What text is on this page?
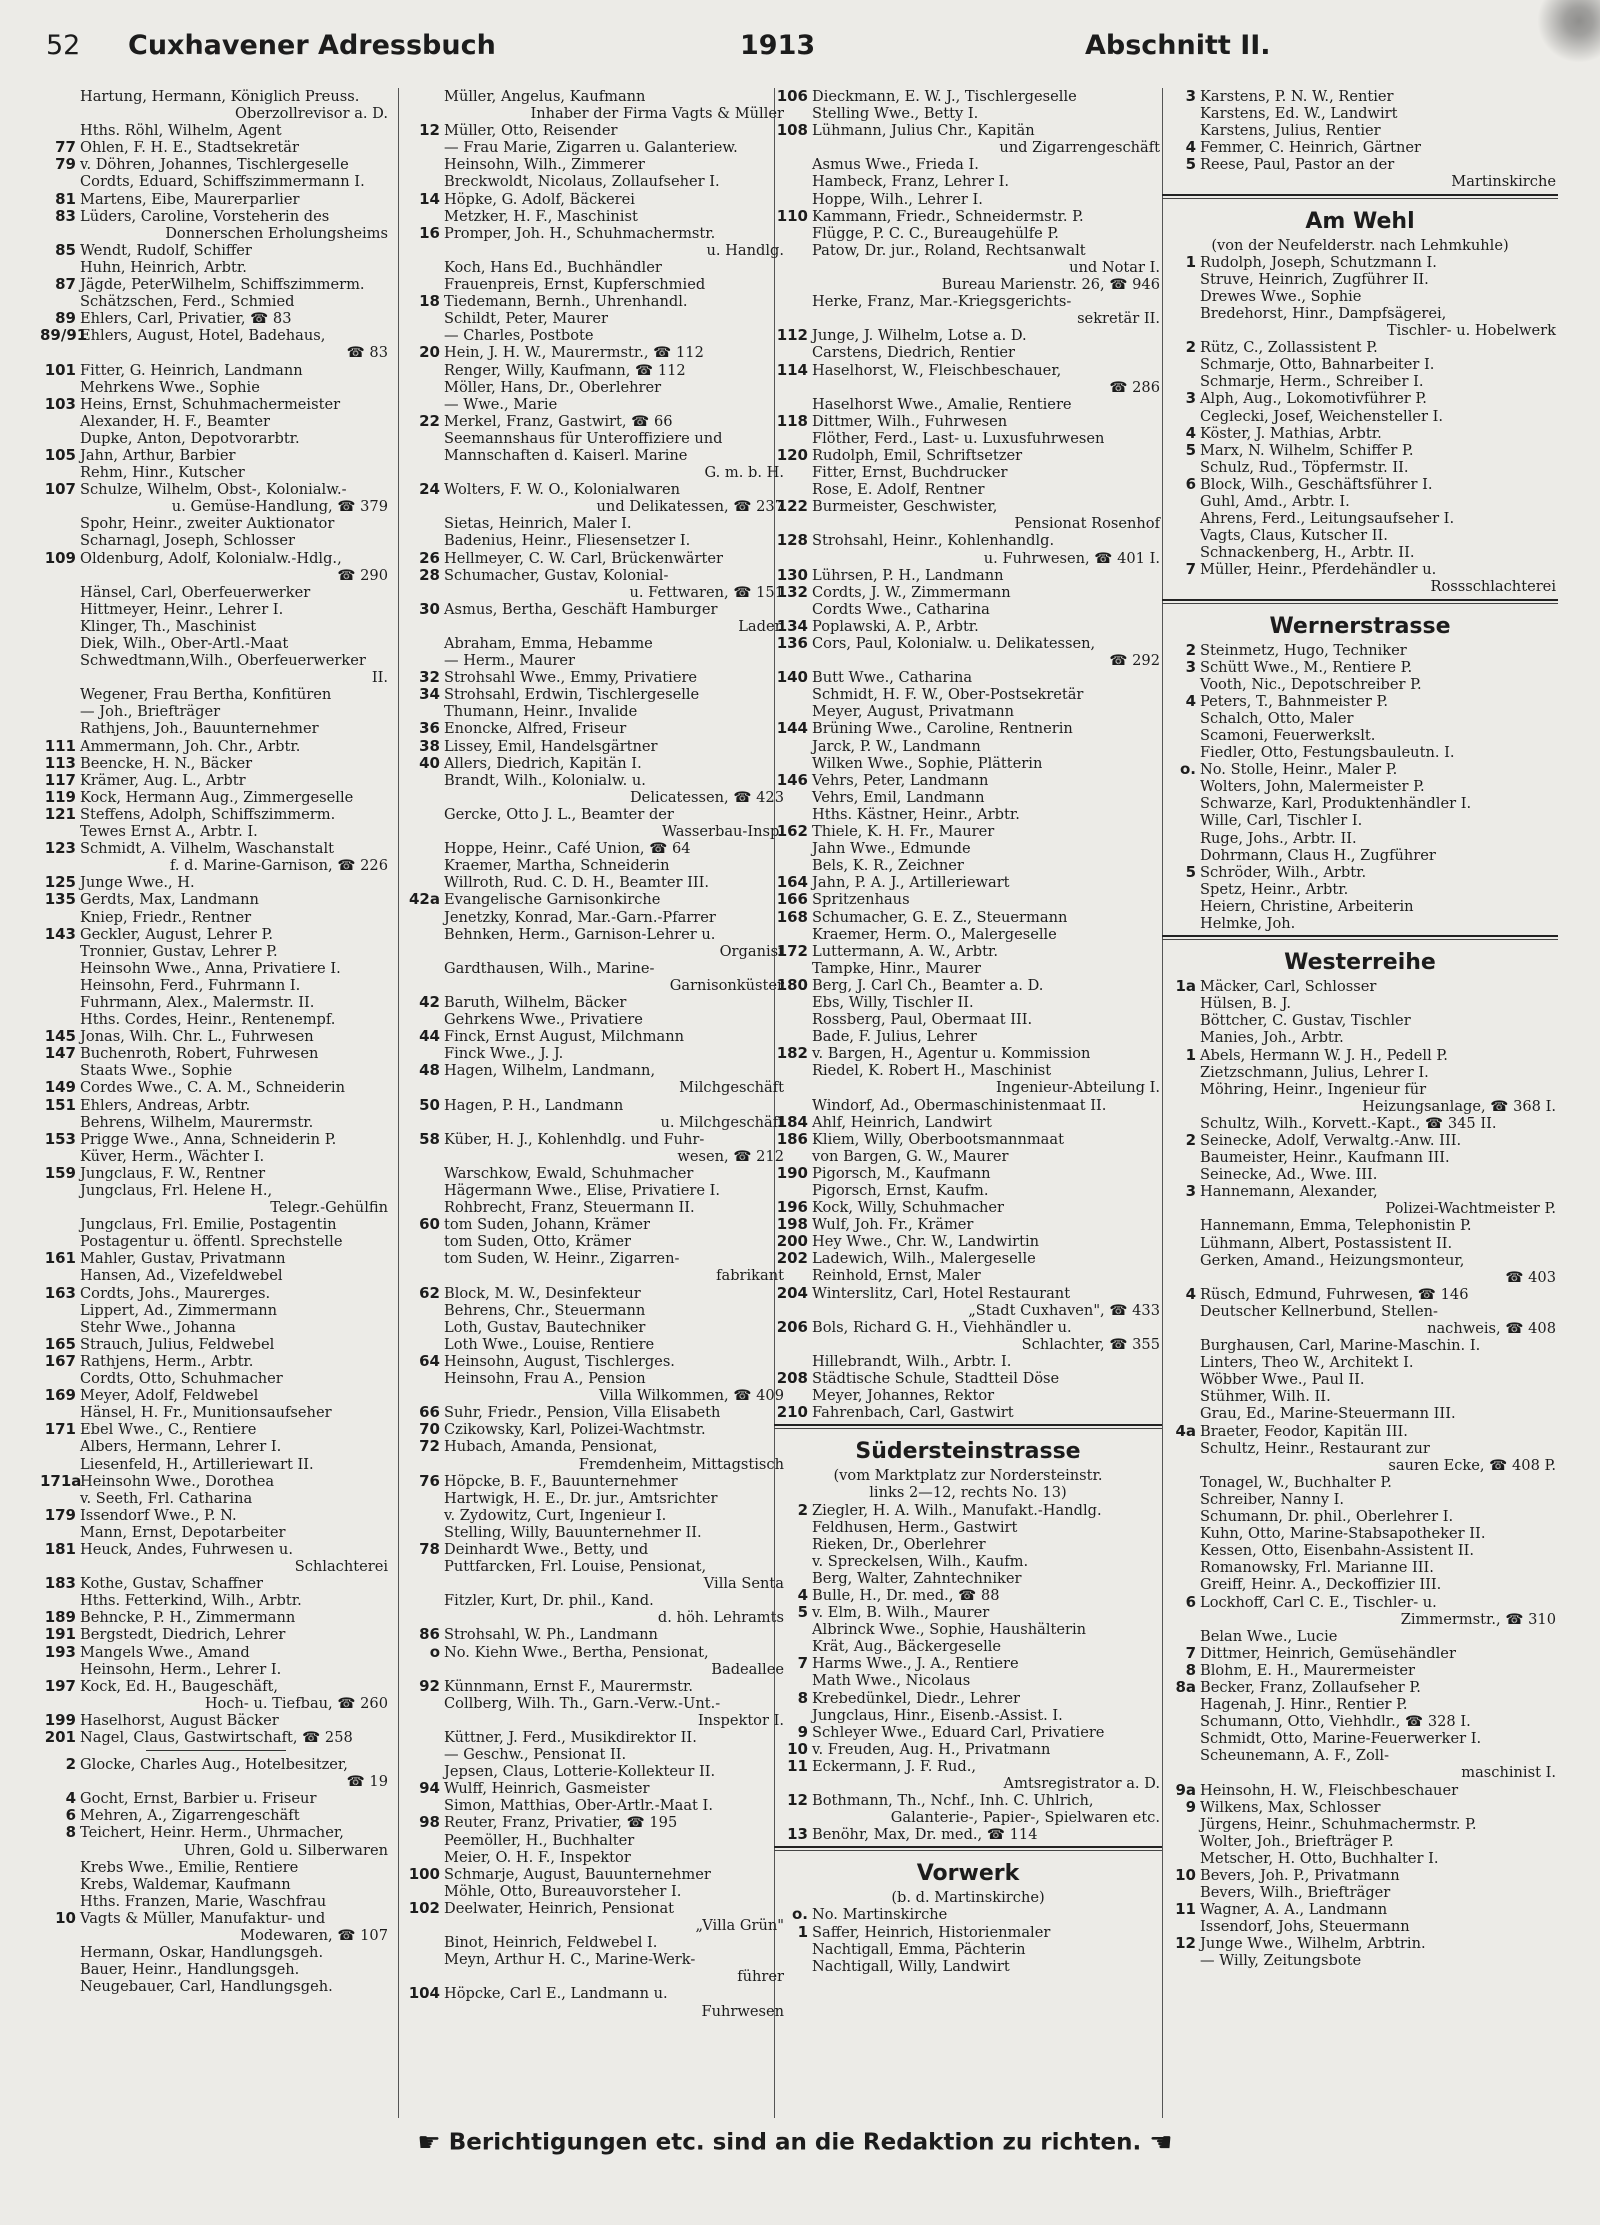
52 Cuxhavener Adressbuch	1913	Abschnitt II.
Hartung, Hermann, Königlich Preuss.
Oberzollrevisor a. D.
Hths. Röhl, Wilhelm, Agent
77 Ohlen, F. H. E., Stadtsekretär
79 v. Döhren, Johannes, Tischlergeselle
Cordts, Eduard, Schiffszimmermann I.
81 Martens, Eibe, Maurerparlier
83 Lüders, Caroline, Vorsteherin des
Donnerschen Erholungsheims
85 Wendt, Rudolf, Schiffer
Huhn, Heinrich, Arbtr.
87 Jägde, PeterWilhelm, Schiffszimmerm.
Schätzschen, Ferd., Schmied
89 Ehlers, Carl, Privatier, ☎ 83
89/91Ehlers, August, Hotel, Badehaus,
☎ 83
101 Fitter, G. Heinrich, Landmann
Mehrkens Wwe., Sophie
103 Heins, Ernst, Schuhmachermeister
Alexander, H. F., Beamter
Dupke, Anton, Depotvorarbtr.
105 Jahn, Arthur, Barbier
Rehm, Hinr., Kutscher
107 Schulze, Wilhelm, Obst-, Kolonialw.-
u. Gemüse-Handlung, ☎ 379
Spohr, Heinr., zweiter Auktionator
Scharnagl, Joseph, Schlosser
109 Oldenburg, Adolf, Kolonialw.-Hdlg.,
☎ 290
Hänsel, Carl, Oberfeuerwerker
Hittmeyer, Heinr., Lehrer I.
Klinger, Th., Maschinist
Diek, Wilh., Ober-Artl.-Maat
Schwedtmann,Wilh., Oberfeuerwerker
II.
Wegener, Frau Bertha, Konfitüren
— Joh., Briefträger
Rathjens, Joh., Bauunternehmer
111 Ammermann, Joh. Chr., Arbtr.
113 Beencke, H. N., Bäcker
117 Krämer, Aug. L., Arbtr
119 Kock, Hermann Aug., Zimmergeselle
121 Steffens, Adolph, Schiffszimmerm.
Tewes Ernst A., Arbtr. I.
123 Schmidt, A. Vilhelm, Waschanstalt
f. d. Marine-Garnison, ☎ 226
125 Junge Wwe., H.
135 Gerdts, Max, Landmann
Kniep, Friedr., Rentner
143 Geckler, August, Lehrer P.
Tronnier, Gustav, Lehrer P.
Heinsohn Wwe., Anna, Privatiere I.
Heinsohn, Ferd., Fuhrmann I.
Fuhrmann, Alex., Malermstr. II.
Hths. Cordes, Heinr., Rentenempf.
145 Jonas, Wilh. Chr. L., Fuhrwesen
147 Buchenroth, Robert, Fuhrwesen
Staats Wwe., Sophie
149 Cordes Wwe., C. A. M., Schneiderin
151 Ehlers, Andreas, Arbtr.
Behrens, Wilhelm, Maurermstr.
153 Prigge Wwe., Anna, Schneiderin P.
Küver, Herm., Wächter I.
159 Jungclaus, F. W., Rentner
Jungclaus, Frl. Helene H.,
Telegr.-Gehülfin
Jungclaus, Frl. Emilie, Postagentin
Postagentur u. öffentl. Sprechstelle
161 Mahler, Gustav, Privatmann
Hansen, Ad., Vizefeldwebel
163 Cordts, Johs., Maurerges.
Lippert, Ad., Zimmermann
Stehr Wwe., Johanna
165 Strauch, Julius, Feldwebel
167 Rathjens, Herm., Arbtr.
Cordts, Otto, Schuhmacher
169 Meyer, Adolf, Feldwebel
Hänsel, H. Fr., Munitionsaufseher
171 Ebel Wwe., C., Rentiere
Albers, Hermann, Lehrer I.
Liesenfeld, H., Artilleriewart II.
171aHeinsohn Wwe., Dorothea
v. Seeth, Frl. Catharina
179 Issendorf Wwe., P. N.
Mann, Ernst, Depotarbeiter
181 Heuck, Andes, Fuhrwesen u.
Schlachterei
183 Kothe, Gustav, Schaffner
Hths. Fetterkind, Wilh., Arbtr.
189 Behncke, P. H., Zimmermann
191 Bergstedt, Diedrich, Lehrer
193 Mangels Wwe., Amand
Heinsohn, Herm., Lehrer I.
197 Kock, Ed. H., Baugeschäft,
Hoch- u. Tiefbau, ☎ 260
199 Haselhorst, August Bäcker
201 Nagel, Claus, Gastwirtschaft, ☎ 258
2 Glocke, Charles Aug., Hotelbesitzer,
☎ 19
4 Gocht, Ernst, Barbier u. Friseur
6 Mehren, A., Zigarrengeschäft
8 Teichert, Heinr. Herm., Uhrmacher,
Uhren, Gold u. Silberwaren
Krebs Wwe., Emilie, Rentiere
Krebs, Waldemar, Kaufmann
Hths. Franzen, Marie, Waschfrau
10 Vagts & Müller, Manufaktur- und
Modewaren, ☎ 107
Hermann, Oskar, Handlungsgeh.
Bauer, Heinr., Handlungsgeh.
Neugebauer, Carl, Handlungsgeh.
Müller, Angelus, Kaufmann
Inhaber der Firma Vagts & Müller
12 Müller, Otto, Reisender
— Frau Marie, Zigarren u. Galanteriew.
Heinsohn, Wilh., Zimmerer
Breckwoldt, Nicolaus, Zollaufseher I.
14 Höpke, G. Adolf, Bäckerei
Metzker, H. F., Maschinist
16 Promper, Joh. H., Schuhmachermstr.
u. Handlg.
Koch, Hans Ed., Buchhändler
Frauenpreis, Ernst, Kupferschmied
18 Tiedemann, Bernh., Uhrenhandl.
Schildt, Peter, Maurer
— Charles, Postbote
20 Hein, J. H. W., Maurermstr., ☎ 112
Renger, Willy, Kaufmann, ☎ 112
Möller, Hans, Dr., Oberlehrer
— Wwe., Marie
22 Merkel, Franz, Gastwirt, ☎ 66
Seemannshaus für Unteroffiziere und
Mannschaften d. Kaiserl. Marine
G. m. b. H.
24 Wolters, F. W. O., Kolonialwaren
und Delikatessen, ☎ 237
Sietas, Heinrich, Maler I.
Badenius, Heinr., Fliesensetzer I.
26 Hellmeyer, C. W. Carl, Brückenwärter
28 Schumacher, Gustav, Kolonial-
u. Fettwaren, ☎ 151
30 Asmus, Bertha, Geschäft Hamburger
Laden
Abraham, Emma, Hebamme
— Herm., Maurer
32 Strohsahl Wwe., Emmy, Privatiere
34 Strohsahl, Erdwin, Tischlergeselle
Thumann, Heinr., Invalide
36 Enoncke, Alfred, Friseur
38 Lissey, Emil, Handelsgärtner
40 Allers, Diedrich, Kapitän I.
Brandt, Wilh., Kolonialw. u.
Delicatessen, ☎ 423
Gercke, Otto J. L., Beamter der
Wasserbau-Insp.
Hoppe, Heinr., Café Union, ☎ 64
Kraemer, Martha, Schneiderin
Willroth, Rud. C. D. H., Beamter III.
42a Evangelische Garnisonkirche
Jenetzky, Konrad, Mar.-Garn.-Pfarrer
Behnken, Herm., Garnison-Lehrer u.
Organist
Gardthausen, Wilh., Marine-
Garnisonküster
42 Baruth, Wilhelm, Bäcker
Gehrkens Wwe., Privatiere
44 Finck, Ernst August, Milchmann
Finck Wwe., J. J.
48 Hagen, Wilhelm, Landmann,
Milchgeschäft
50 Hagen, P. H., Landmann
u. Milchgeschäft
58 Küber, H. J., Kohlenhdlg. und Fuhr-
wesen, ☎ 212
Warschkow, Ewald, Schuhmacher
Hägermann Wwe., Elise, Privatiere I.
Rohbrecht, Franz, Steuermann II.
60 tom Suden, Johann, Krämer
tom Suden, Otto, Krämer
tom Suden, W. Heinr., Zigarren-
fabrikant
62 Block, M. W., Desinfekteur
Behrens, Chr., Steuermann
Loth, Gustav, Bautechniker
Loth Wwe., Louise, Rentiere
64 Heinsohn, August, Tischlerges.
Heinsohn, Frau A., Pension
Villa Wilkommen, ☎ 409
66 Suhr, Friedr., Pension, Villa Elisabeth
70 Czikowsky, Karl, Polizei-Wachtmstr.
72 Hubach, Amanda, Pensionat,
Fremdenheim, Mittagstisch
76 Höpcke, B. F., Bauunternehmer
Hartwigk, H. E., Dr. jur., Amtsrichter
v. Zydowitz, Curt, Ingenieur I.
Stelling, Willy, Bauunternehmer II.
78 Deinhardt Wwe., Betty, und
Puttfarcken, Frl. Louise, Pensionat,
Villa Senta
Fitzler, Kurt, Dr. phil., Kand.
d. höh. Lehramts
86 Strohsahl, W. Ph., Landmann
o No. Kiehn Wwe., Bertha, Pensionat,
Badeallee
92 Künnmann, Ernst F., Maurermstr.
Collberg, Wilh. Th., Garn.-Verw.-Unt.-
Inspektor I.
Küttner, J. Ferd., Musikdirektor II.
— Geschw., Pensionat II.
Jepsen, Claus, Lotterie-Kollekteur II.
94 Wulff, Heinrich, Gasmeister
Simon, Matthias, Ober-Artlr.-Maat I.
98 Reuter, Franz, Privatier, ☎ 195
Peemöller, H., Buchhalter
Meier, O. H. F., Inspektor
100 Schmarje, August, Bauunternehmer
Möhle, Otto, Bureauvorsteher I.
102 Deelwater, Heinrich, Pensionat
„Villa Grün"
Binot, Heinrich, Feldwebel I.
Meyn, Arthur H. C., Marine-Werk-
führer
104 Höpcke, Carl E., Landmann u.
Fuhrwesen
106 Dieckmann, E. W. J., Tischlergeselle
Stelling Wwe., Betty I.
108 Lühmann, Julius Chr., Kapitän
und Zigarrengeschäft
Asmus Wwe., Frieda I.
Hambeck, Franz, Lehrer I.
Hoppe, Wilh., Lehrer I.
110 Kammann, Friedr., Schneidermstr. P.
Flügge, P. C. C., Bureaugehülfe P.
Patow, Dr. jur., Roland, Rechtsanwalt
und Notar I.
Bureau Marienstr. 26, ☎ 946
Herke, Franz, Mar.-Kriegsgerichts-
sekretär II.
112 Junge, J. Wilhelm, Lotse a. D.
Carstens, Diedrich, Rentier
114 Haselhorst, W., Fleischbeschauer,
☎ 286
Haselhorst Wwe., Amalie, Rentiere
118 Dittmer, Wilh., Fuhrwesen
Flöther, Ferd., Last- u. Luxusfuhrwesen
120 Rudolph, Emil, Schriftsetzer
Fitter, Ernst, Buchdrucker
Rose, E. Adolf, Rentner
122 Burmeister, Geschwister,
Pensionat Rosenhof
128 Strohsahl, Heinr., Kohlenhandlg.
u. Fuhrwesen, ☎ 401 I.
130 Lührsen, P. H., Landmann
132 Cordts, J. W., Zimmermann
Cordts Wwe., Catharina
134 Poplawski, A. P., Arbtr.
136 Cors, Paul, Kolonialw. u. Delikatessen,
☎ 292
140 Butt Wwe., Catharina
Schmidt, H. F. W., Ober-Postsekretär
Meyer, August, Privatmann
144 Brüning Wwe., Caroline, Rentnerin
Jarck, P. W., Landmann
Wilken Wwe., Sophie, Plätterin
146 Vehrs, Peter, Landmann
Vehrs, Emil, Landmann
Hths. Kästner, Heinr., Arbtr.
162 Thiele, K. H. Fr., Maurer
Jahn Wwe., Edmunde
Bels, K. R., Zeichner
164 Jahn, P. A. J., Artilleriewart
166 Spritzenhaus
168 Schumacher, G. E. Z., Steuermann
Kraemer, Herm. O., Malergeselle
172 Luttermann, A. W., Arbtr.
Tampke, Hinr., Maurer
180 Berg, J. Carl Ch., Beamter a. D.
Ebs, Willy, Tischler II.
Rossberg, Paul, Obermaat III.
Bade, F. Julius, Lehrer
182 v. Bargen, H., Agentur u. Kommission
Riedel, K. Robert H., Maschinist
Ingenieur-Abteilung I.
Windorf, Ad., Obermaschinistenmaat II.
184 Ahlf, Heinrich, Landwirt
186 Kliem, Willy, Oberbootsmannmaat
von Bargen, G. W., Maurer
190 Pigorsch, M., Kaufmann
Pigorsch, Ernst, Kaufm.
196 Kock, Willy, Schuhmacher
198 Wulf, Joh. Fr., Krämer
200 Hey Wwe., Chr. W., Landwirtin
202 Ladewich, Wilh., Malergeselle
Reinhold, Ernst, Maler
204 Winterslitz, Carl, Hotel Restaurant
„Stadt Cuxhaven", ☎ 433
206 Bols, Richard G. H., Viehhändler u.
Schlachter, ☎ 355
Hillebrandt, Wilh., Arbtr. I.
208 Städtische Schule, Stadtteil Döse
Meyer, Johannes, Rektor
210 Fahrenbach, Carl, Gastwirt
Südersteinstrasse
(vom Marktplatz zur Nordersteinstr.
links 2—12, rechts No. 13)
2 Ziegler, H. A. Wilh., Manufakt.-Handlg.
Feldhusen, Herm., Gastwirt
Rieken, Dr., Oberlehrer
v. Spreckelsen, Wilh., Kaufm.
Berg, Walter, Zahntechniker
4 Bulle, H., Dr. med., ☎ 88
5 v. Elm, B. Wilh., Maurer
Albrinck Wwe., Sophie, Haushälterin
Krät, Aug., Bäckergeselle
7 Harms Wwe., J. A., Rentiere
Math Wwe., Nicolaus
8 Krebedünkel, Diedr., Lehrer
Jungclaus, Hinr., Eisenb.-Assist. I.
9 Schleyer Wwe., Eduard Carl, Privatiere
10 v. Freuden, Aug. H., Privatmann
11 Eckermann, J. F. Rud.,
Amtsregistrator a. D.
12 Bothmann, Th., Nchf., Inh. C. Uhlrich,
Galanterie-, Papier-, Spielwaren etc.
13 Benöhr, Max, Dr. med., ☎ 114
Vorwerk
(b. d. Martinskirche)
o. No. Martinskirche
1 Saffer, Heinrich, Historienmaler
Nachtigall, Emma, Pächterin
Nachtigall, Willy, Landwirt
3 Karstens, P. N. W., Rentier
Karstens, Ed. W., Landwirt
Karstens, Julius, Rentier
4 Femmer, C. Heinrich, Gärtner
5 Reese, Paul, Pastor an der
Martinskirche
Am Wehl
(von der Neufelderstr. nach Lehmkuhle)
1 Rudolph, Joseph, Schutzmann I.
Struve, Heinrich, Zugführer II.
Drewes Wwe., Sophie
Bredehorst, Hinr., Dampfsägerei,
Tischler- u. Hobelwerk
2 Rütz, C., Zollassistent P.
Schmarje, Otto, Bahnarbeiter I.
Schmarje, Herm., Schreiber I.
3 Alph, Aug., Lokomotivführer P.
Ceglecki, Josef, Weichensteller I.
4 Köster, J. Mathias, Arbtr.
5 Marx, N. Wilhelm, Schiffer P.
Schulz, Rud., Töpfermstr. II.
6 Block, Wilh., Geschäftsführer I.
Guhl, Amd., Arbtr. I.
Ahrens, Ferd., Leitungsaufseher I.
Vagts, Claus, Kutscher II.
Schnackenberg, H., Arbtr. II.
7 Müller, Heinr., Pferdehändler u.
Rossschlachterei
Wernerstrasse
2 Steinmetz, Hugo, Techniker
3 Schütt Wwe., M., Rentiere P.
Vooth, Nic., Depotschreiber P.
4 Peters, T., Bahnmeister P.
Schalch, Otto, Maler
Scamoni, Feuerwerkslt.
Fiedler, Otto, Festungsbauleutn. I.
o. No. Stolle, Heinr., Maler P.
Wolters, John, Malermeister P.
Schwarze, Karl, Produktenhändler I.
Wille, Carl, Tischler I.
Ruge, Johs., Arbtr. II.
Dohrmann, Claus H., Zugführer
5 Schröder, Wilh., Arbtr.
Spetz, Heinr., Arbtr.
Heiern, Christine, Arbeiterin
Helmke, Joh.
Westerreihe
1a Mäcker, Carl, Schlosser
Hülsen, B. J.
Böttcher, C. Gustav, Tischler
Manies, Joh., Arbtr.
1 Abels, Hermann W. J. H., Pedell P.
Zietzschmann, Julius, Lehrer I.
Möhring, Heinr., Ingenieur für
Heizungsanlage, ☎ 368 I.
Schultz, Wilh., Korvett.-Kapt., ☎ 345 II.
2 Seinecke, Adolf, Verwaltg.-Anw. III.
Baumeister, Heinr., Kaufmann III.
Seinecke, Ad., Wwe. III.
3 Hannemann, Alexander,
Polizei-Wachtmeister P.
Hannemann, Emma, Telephonistin P.
Lühmann, Albert, Postassistent II.
Gerken, Amand., Heizungsmonteur,
☎ 403
4 Rüsch, Edmund, Fuhrwesen, ☎ 146
Deutscher Kellnerbund, Stellen-
nachweis, ☎ 408
Burghausen, Carl, Marine-Maschin. I.
Linters, Theo W., Architekt I.
Wöbber Wwe., Paul II.
Stühmer, Wilh. II.
Grau, Ed., Marine-Steuermann III.
4a Braeter, Feodor, Kapitän III.
Schultz, Heinr., Restaurant zur
sauren Ecke, ☎ 408 P.
Tonagel, W., Buchhalter P.
Schreiber, Nanny I.
Schumann, Dr. phil., Oberlehrer I.
Kuhn, Otto, Marine-Stabsapotheker II.
Kessen, Otto, Eisenbahn-Assistent II.
Romanowsky, Frl. Marianne III.
Greiff, Heinr. A., Deckoffizier III.
6 Lockhoff, Carl C. E., Tischler- u.
Zimmermstr., ☎ 310
Belan Wwe., Lucie
7 Dittmer, Heinrich, Gemüsehändler
8 Blohm, E. H., Maurermeister
8a Becker, Franz, Zollaufseher P.
Hagenah, J. Hinr., Rentier P.
Schumann, Otto, Viehhdlr., ☎ 328 I.
Schmidt, Otto, Marine-Feuerwerker I.
Scheunemann, A. F., Zoll-
maschinist I.
9a Heinsohn, H. W., Fleischbeschauer
9 Wilkens, Max, Schlosser
Jürgens, Heinr., Schuhmachermstr. P.
Wolter, Joh., Briefträger P.
Metscher, H. Otto, Buchhalter I.
10 Bevers, Joh. P., Privatmann
Bevers, Wilh., Briefträger
11 Wagner, A. A., Landmann
Issendorf, Johs, Steuermann
12 Junge Wwe., Wilhelm, Arbtrin.
— Willy, Zeitungsbote
☛ Berichtigungen etc. sind an die Redaktion zu richten. ☚
